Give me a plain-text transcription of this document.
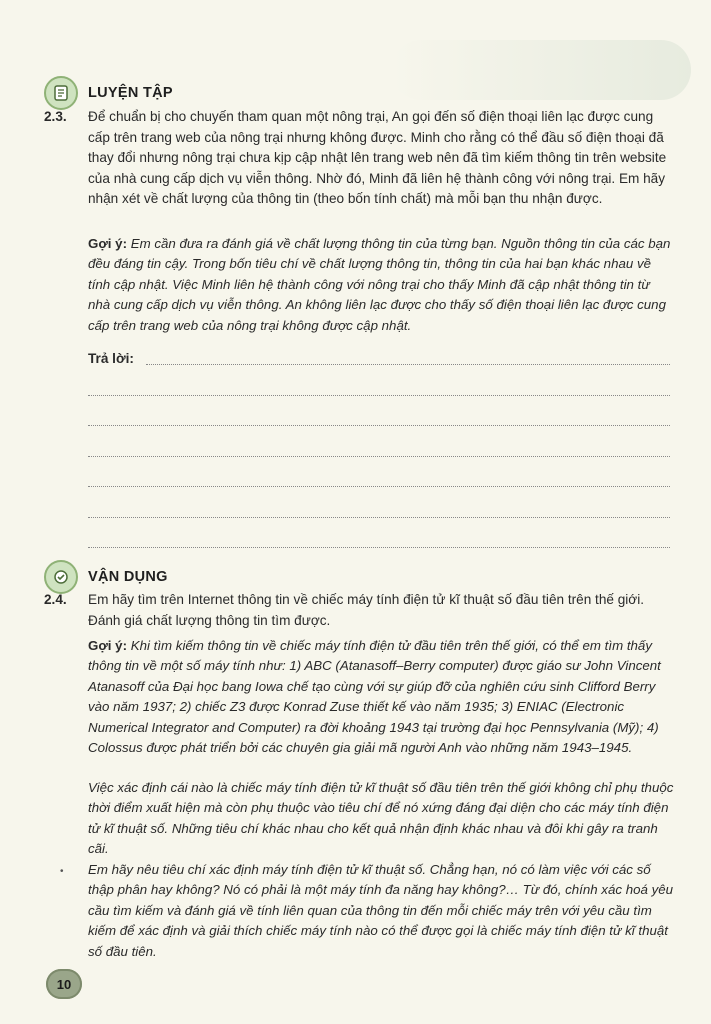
LUYỆN TẬP
2.3. Để chuẩn bị cho chuyến tham quan một nông trại, An gọi đến số điện thoại liên lạc được cung cấp trên trang web của nông trại nhưng không được. Minh cho rằng có thể đầu số điện thoại đã thay đổi nhưng nông trại chưa kịp cập nhật lên trang web nên đã tìm kiếm thông tin trên website của nhà cung cấp dịch vụ viễn thông. Nhờ đó, Minh đã liên hệ thành công với nông trại. Em hãy nhận xét về chất lượng của thông tin (theo bốn tính chất) mà mỗi bạn thu nhận được.
Gợi ý: Em cần đưa ra đánh giá về chất lượng thông tin của từng bạn. Nguồn thông tin của các bạn đều đáng tin cậy. Trong bốn tiêu chí về chất lượng thông tin, thông tin của hai bạn khác nhau về tính cập nhật. Việc Minh liên hệ thành công với nông trại cho thấy Minh đã cập nhật thông tin từ nhà cung cấp dịch vụ viễn thông. An không liên lạc được cho thấy số điện thoại liên lạc được cung cấp trên trang web của nông trại không được cập nhật.
Trả lời:
VẬN DỤNG
2.4. Em hãy tìm trên Internet thông tin về chiếc máy tính điện tử kĩ thuật số đầu tiên trên thế giới. Đánh giá chất lượng thông tin tìm được.
Gợi ý: Khi tìm kiếm thông tin về chiếc máy tính điện tử đầu tiên trên thế giới, có thể em tìm thấy thông tin về một số máy tính như: 1) ABC (Atanasoff–Berry computer) được giáo sư John Vincent Atanasoff của Đại học bang Iowa chế tạo cùng với sự giúp đỡ của nghiên cứu sinh Clifford Berry vào năm 1937; 2) chiếc Z3 được Konrad Zuse thiết kế vào năm 1935; 3) ENIAC (Electronic Numerical Integrator and Computer) ra đời khoảng 1943 tại trường đại học Pennsylvania (Mỹ); 4) Colossus được phát triển bởi các chuyên gia giải mã người Anh vào những năm 1943–1945.
Việc xác định cái nào là chiếc máy tính điện tử kĩ thuật số đầu tiên trên thế giới không chỉ phụ thuộc thời điểm xuất hiện mà còn phụ thuộc vào tiêu chí để nó xứng đáng đại diện cho các máy tính điện tử kĩ thuật số. Những tiêu chí khác nhau cho kết quả nhận định khác nhau và đôi khi gây ra tranh cãi.
• Em hãy nêu tiêu chí xác định máy tính điện tử kĩ thuật số. Chẳng hạn, nó có làm việc với các số thập phân hay không? Nó có phải là một máy tính đa năng hay không?… Từ đó, chính xác hoá yêu cầu tìm kiếm và đánh giá về tính liên quan của thông tin đến mỗi chiếc máy trên với yêu cầu tìm kiếm để xác định và giải thích chiếc máy tính nào có thể được gọi là chiếc máy tính điện tử kĩ thuật số đầu tiên.
10
